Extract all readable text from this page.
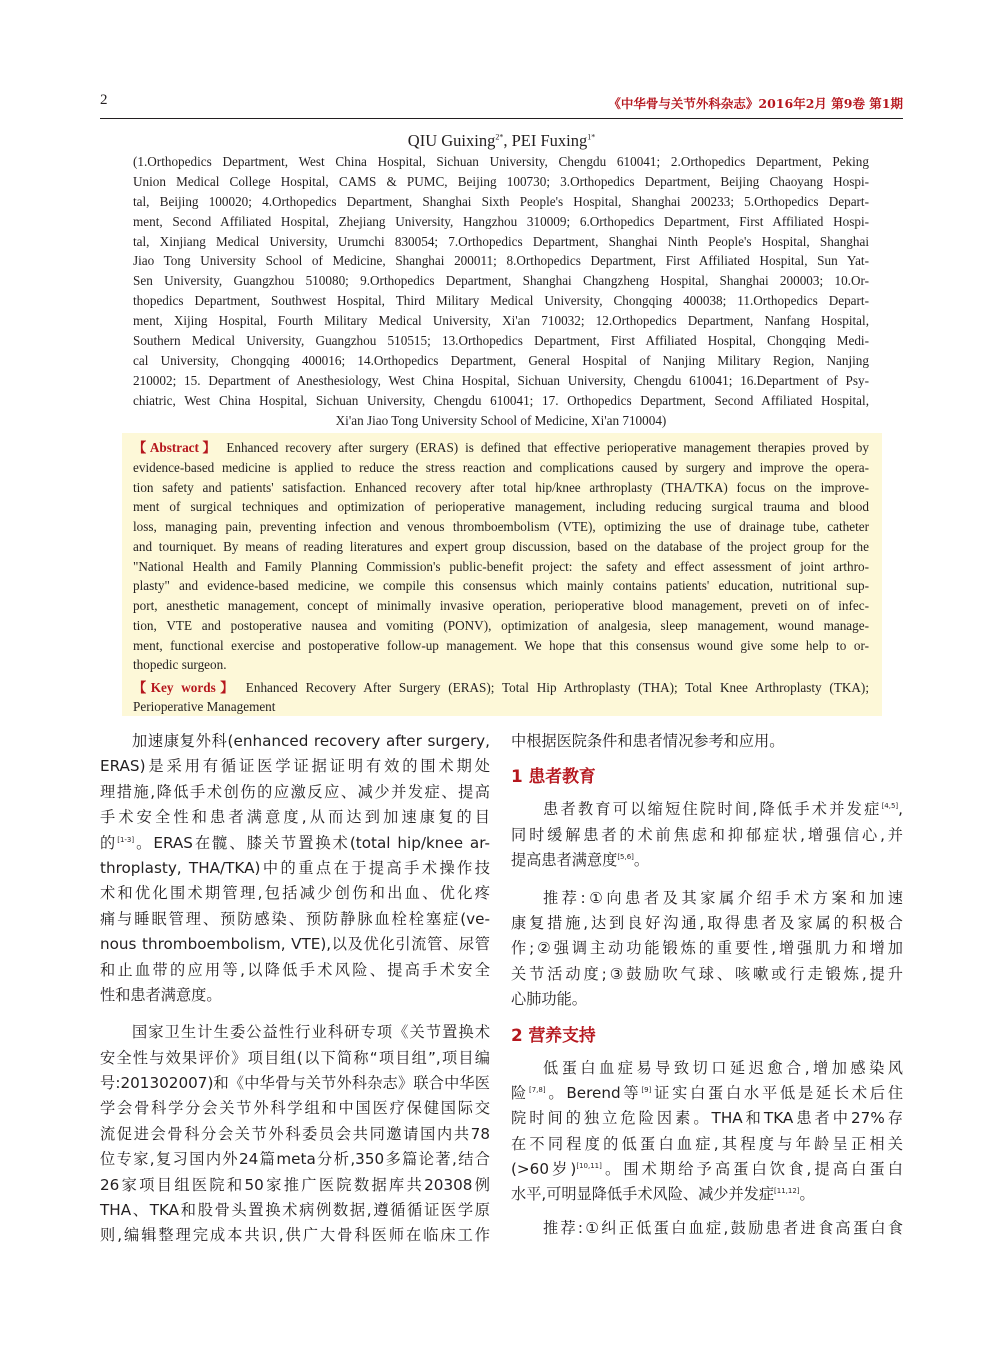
2	《中华骨与关节外科杂志》2016年2月 第9卷 第1期
QIU Guixing$^{2*}$, PEI Fuxing$^{1*}$
(1.Orthopedics Department, West China Hospital, Sichuan University, Chengdu 610041; 2.Orthopedics Department, Peking
Union Medical College Hospital, CAMS & PUMC, Beijing 100730; 3.Orthopedics Department, Beijing Chaoyang Hospi-
tal, Beijing 100020; 4.Orthopedics Department, Shanghai Sixth People's Hospital, Shanghai 200233; 5.Orthopedics Depart-
ment, Second Affiliated Hospital, Zhejiang University, Hangzhou 310009; 6.Orthopedics Department, First Affiliated Hospi-
tal, Xinjiang Medical University, Urumchi 830054; 7.Orthopedics Department, Shanghai Ninth People's Hospital, Shanghai
Jiao Tong University School of Medicine, Shanghai 200011; 8.Orthopedics Department, First Affiliated Hospital, Sun Yat-
Sen University, Guangzhou 510080; 9.Orthopedics Department, Shanghai Changzheng Hospital, Shanghai 200003; 10.Or-
thopedics Department, Southwest Hospital, Third Military Medical University, Chongqing 400038; 11.Orthopedics Depart-
ment, Xijing Hospital, Fourth Military Medical University, Xi'an 710032; 12.Orthopedics Department, Nanfang Hospital,
Southern Medical University, Guangzhou 510515; 13.Orthopedics Department, First Affiliated Hospital, Chongqing Medi-
cal University, Chongqing 400016; 14.Orthopedics Department, General Hospital of Nanjing Military Region, Nanjing
210002; 15. Department of Anesthesiology, West China Hospital, Sichuan University, Chengdu 610041; 16.Department of Psy-
chiatric, West China Hospital, Sichuan University, Chengdu 610041; 17. Orthopedics Department, Second Affiliated Hospital,
Xi'an Jiao Tong University School of Medicine, Xi'an 710004)
【Abstract】 Enhanced recovery after surgery (ERAS) is defined that effective perioperative management therapies proved by
evidence-based medicine is applied to reduce the stress reaction and complications caused by surgery and improve the opera-
tion safety and patients' satisfaction. Enhanced recovery after total hip/knee arthroplasty (THA/TKA) focus on the improve-
ment of surgical techniques and optimization of perioperative management, including reducing surgical trauma and blood
loss, managing pain, preventing infection and venous thromboembolism (VTE), optimizing the use of drainage tube, catheter
and tourniquet. By means of reading literatures and expert group discussion, based on the database of the project group for the
"National Health and Family Planning Commission's public-benefit project: the safety and effect assessment of joint arthro-
plasty" and evidence-based medicine, we compile this consensus which mainly contains patients' education, nutritional sup-
port, anesthetic management, concept of minimally invasive operation, perioperative blood management, preveti on of infec-
tion, VTE and postoperative nausea and vomiting (PONV), optimization of analgesia, sleep management, wound manage-
ment, functional exercise and postoperative follow-up management. We hope that this consensus wound give some help to or-
thopedic surgeon.
【Key words】 Enhanced Recovery After Surgery (ERAS); Total Hip Arthroplasty (THA); Total Knee Arthroplasty (TKA);
Perioperative Management
加速康复外科(enhanced recovery after surgery,
ERAS)是采用有循证医学证据证明有效的围术期处
理措施,降低手术创伤的应激反应、减少并发症、提高
手术安全性和患者满意度,从而达到加速康复的目
的[1-3]。ERAS在髋、膝关节置换术(total hip/knee ar-
throplasty, THA/TKA)中的重点在于提高手术操作技
术和优化围术期管理,包括减少创伤和出血、优化疼
痛与睡眠管理、预防感染、预防静脉血栓栓塞症(ve-
nous thromboembolism, VTE),以及优化引流管、尿管
和止血带的应用等,以降低手术风险、提高手术安全
性和患者满意度。
国家卫生计生委公益性行业科研专项《关节置换术
安全性与效果评价》项目组(以下简称“项目组”,项目编
号:201302007)和《中华骨与关节外科杂志》联合中华医
学会骨科学分会关节外科学组和中国医疗保健国际交
流促进会骨科分会关节外科委员会共同邀请国内共78
位专家,复习国内外24篇meta分析,350多篇论著,结合
26家项目组医院和50家推广医院数据库共20308例
THA、TKA和股骨头置换术病例数据,遵循循证医学原
则,编辑整理完成本共识,供广大骨科医师在临床工作
中根据医院条件和患者情况参考和应用。
1 患者教育
患者教育可以缩短住院时间,降低手术并发症[4,5],
同时缓解患者的术前焦虑和抑郁症状,增强信心,并
提高患者满意度[5,6]。
推荐:①向患者及其家属介绍手术方案和加速
康复措施,达到良好沟通,取得患者及家属的积极合
作;②强调主动功能锻炼的重要性,增强肌力和增加
关节活动度;③鼓励吹气球、咳嗽或行走锻炼,提升
心肺功能。
2 营养支持
低蛋白血症易导致切口延迟愈合,增加感染风
险[7,8]。Berend等[9]证实白蛋白水平低是延长术后住
院时间的独立危险因素。THA和TKA患者中27%存
在不同程度的低蛋白血症,其程度与年龄呈正相关
(>60岁)[10,11]。围术期给予高蛋白饮食,提高白蛋白
水平,可明显降低手术风险、减少并发症[11,12]。
推荐:①纠正低蛋白血症,鼓励患者进食高蛋白食
